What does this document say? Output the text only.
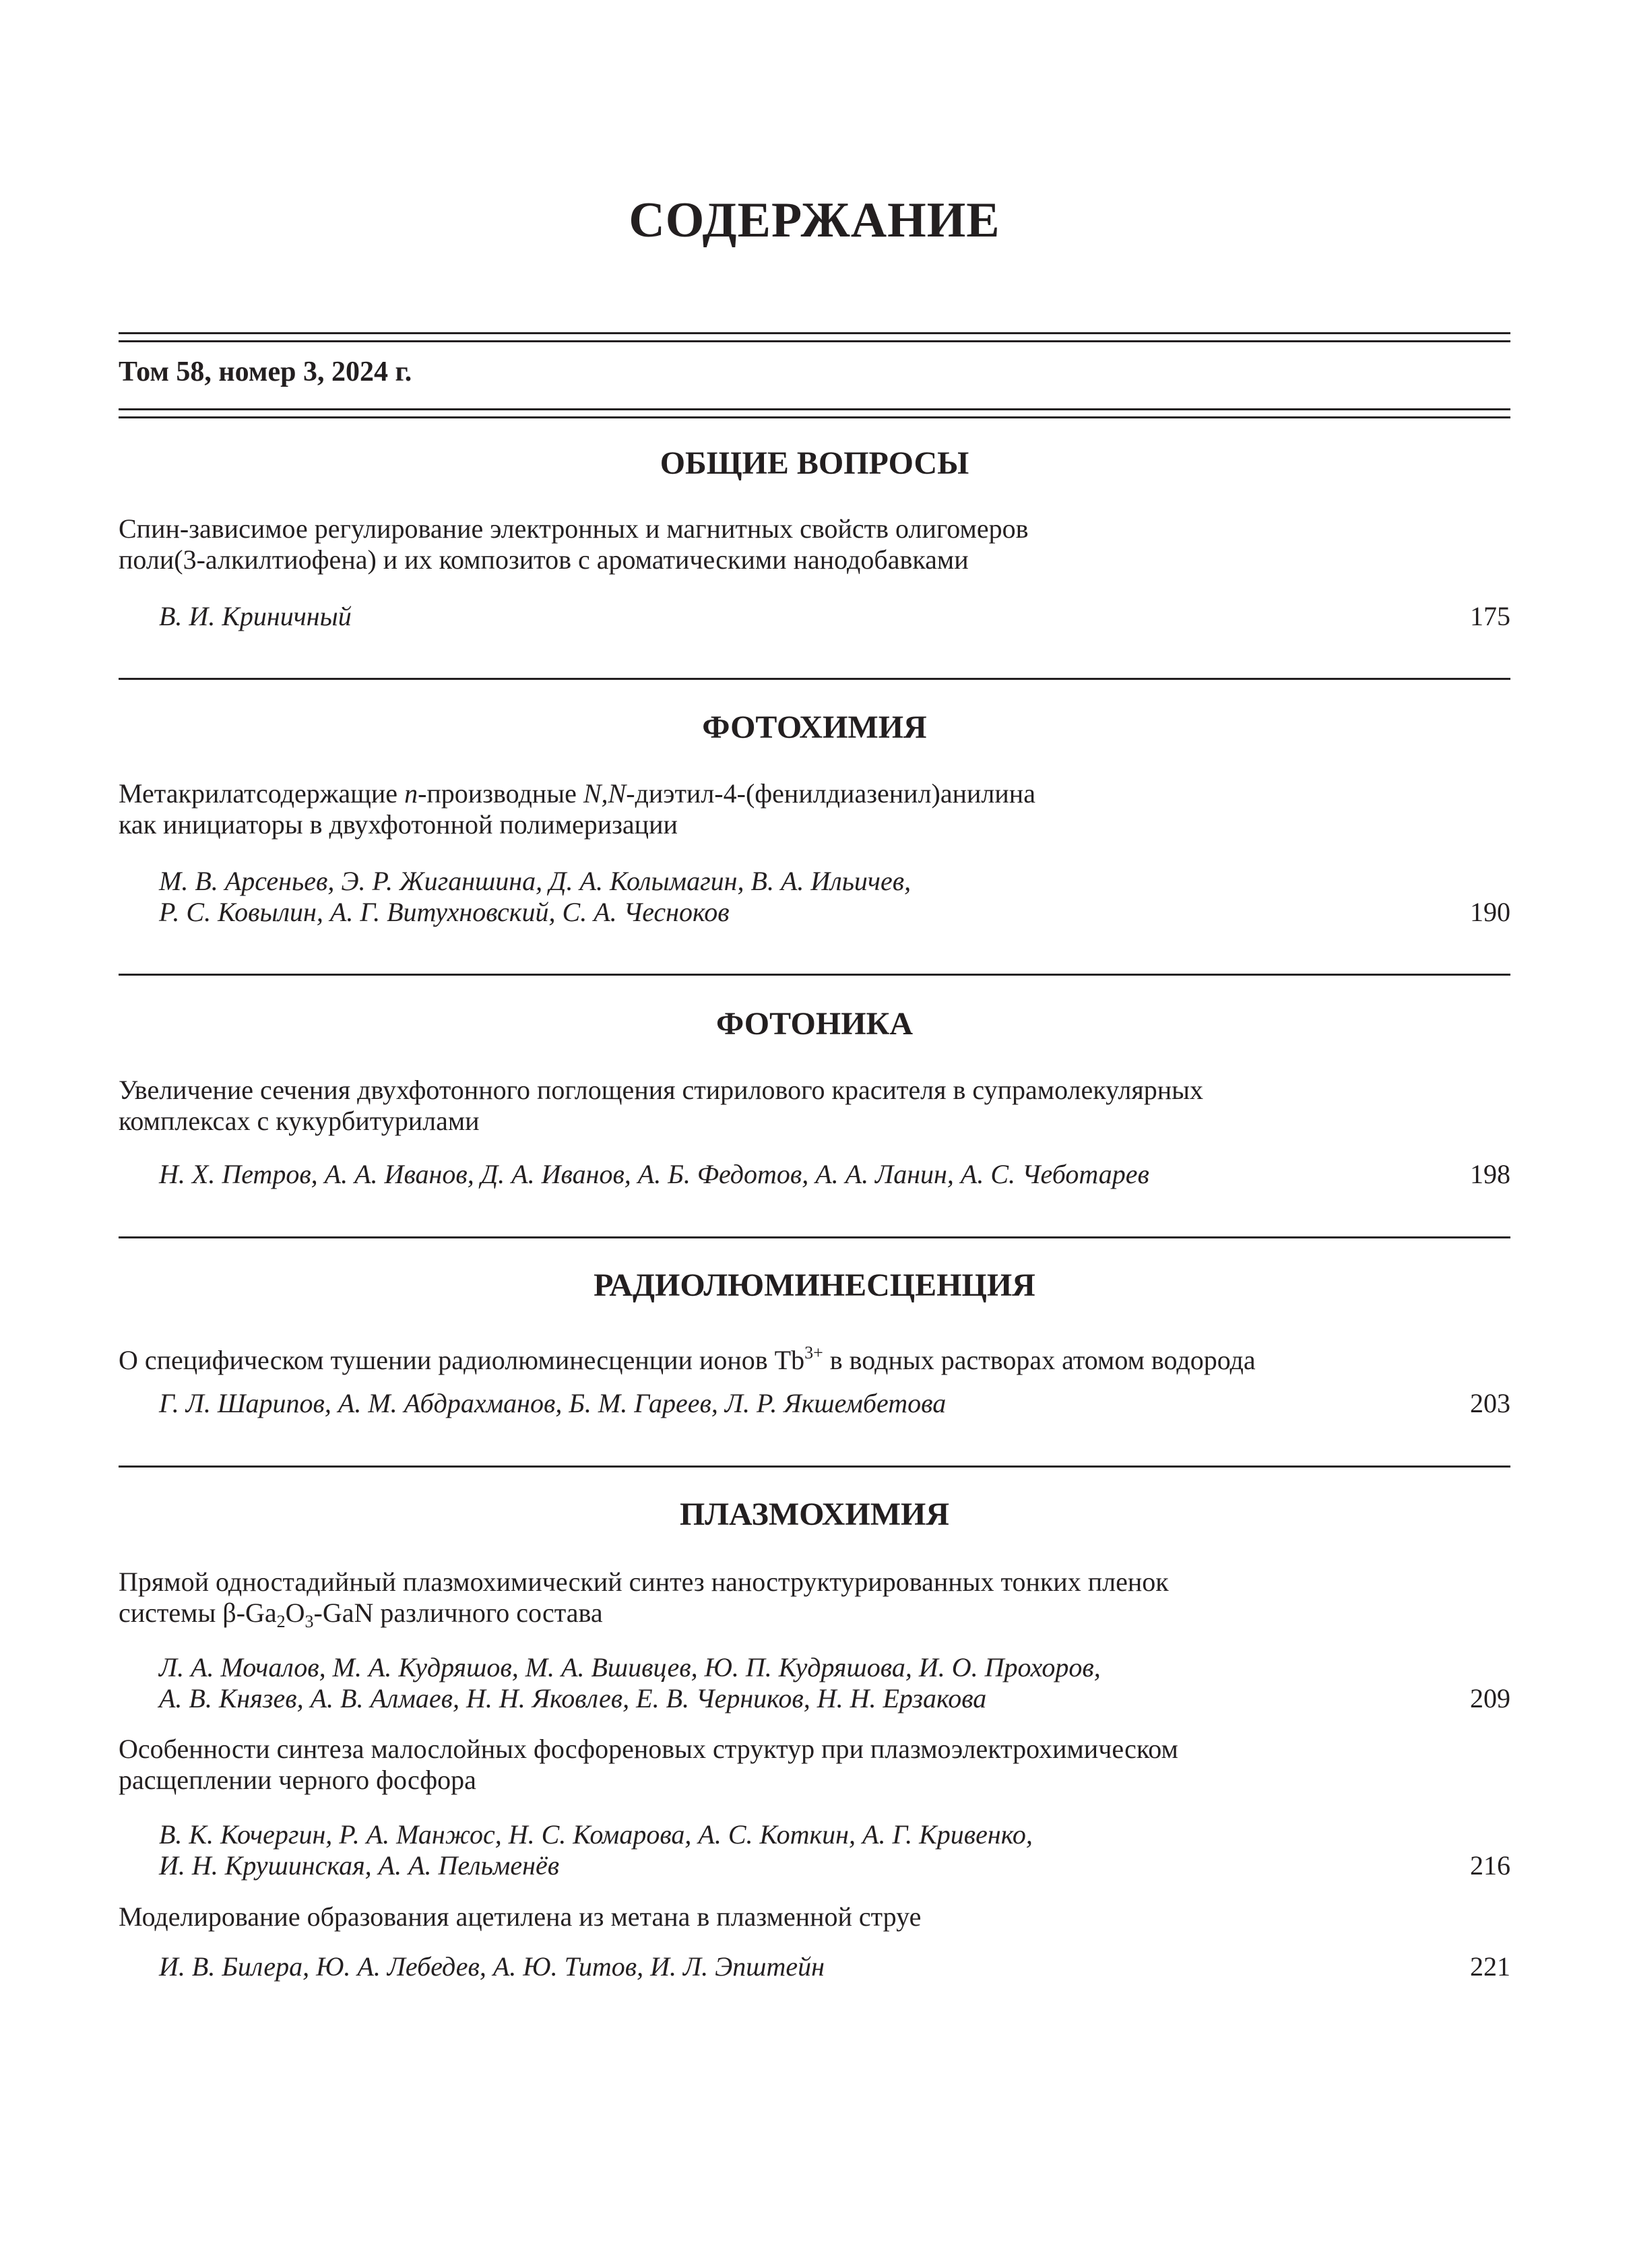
СОДЕРЖАНИЕ
Том 58, номер 3, 2024 г.
ОБЩИЕ ВОПРОСЫ
Спин-зависимое регулирование электронных и магнитных свойств олигомеров
поли(3-алкилтиофена) и их композитов с ароматическими нанодобавками
В. И. Криничный	175
ФОТОХИМИЯ
Метакрилатсодержащие n-производные N,N-диэтил-4-(фенилдиазенил)анилина
как инициаторы в двухфотонной полимеризации
М. В. Арсеньев, Э. Р. Жиганшина, Д. А. Колымагин, В. А. Ильичев,
Р. С. Ковылин, А. Г. Витухновский, С. А. Чесноков	190
ФОТОНИКА
Увеличение сечения двухфотонного поглощения стирилового красителя в супрамолекулярных
комплексах с кукурбитурилами
Н. Х. Петров, А. А. Иванов, Д. А. Иванов, А. Б. Федотов, А. А. Ланин, А. С. Чеботарев	198
РАДИОЛЮМИНЕСЦЕНЦИЯ
О специфическом тушении радиолюминесценции ионов $Tb^{3+}$ в водных растворах атомом водорода
Г. Л. Шарипов, А. М. Абдрахманов, Б. М. Гареев, Л. Р. Якшембетова	203
ПЛАЗМОХИМИЯ
Прямой одностадийный плазмохимический синтез наноструктурированных тонких пленок
системы $\beta-Ga_2O_3$-GaN различного состава
Л. А. Мочалов, М. А. Кудряшов, М. А. Вшивцев, Ю. П. Кудряшова, И. О. Прохоров,
А. В. Князев, А. В. Алмаев, Н. Н. Яковлев, Е. В. Черников, Н. Н. Ерзакова	209
Особенности синтеза малослойных фосфореновых структур при плазмоэлектрохимическом
расщеплении черного фосфора
В. К. Кочергин, Р. А. Манжос, Н. С. Комарова, А. С. Коткин, А. Г. Кривенко,
И. Н. Крушинская, А. А. Пельменёв	216
Моделирование образования ацетилена из метана в плазменной струе
И. В. Билера, Ю. А. Лебедев, А. Ю. Титов, И. Л. Эпштейн	221
